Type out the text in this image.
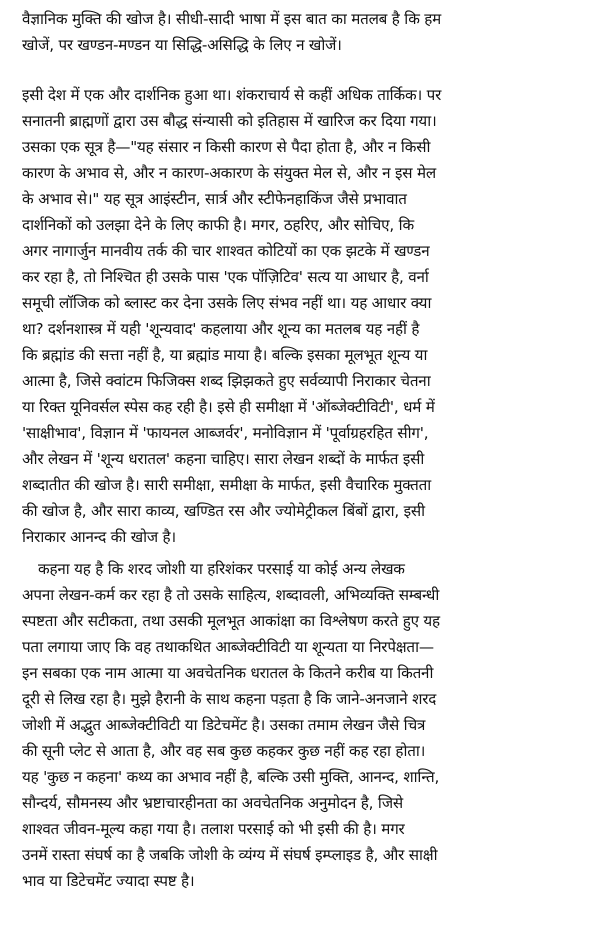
वैज्ञानिक मुक्ति की खोज है। सीधी-सादी भाषा में इस बात का मतलब है कि हम
खोजें, पर खण्डन-मण्डन या सिद्धि-असिद्धि के लिए न खोजें।
इसी देश में एक और दार्शनिक हुआ था। शंकराचार्य से कहीं अधिक तार्किक। पर
सनातनी ब्राह्मणों द्वारा उस बौद्ध संन्यासी को इतिहास में खारिज कर दिया गया।
उसका एक सूत्र है—"यह संसार न किसी कारण से पैदा होता है, और न किसी
कारण के अभाव से, और न कारण-अकारण के संयुक्त मेल से, और न इस मेल
के अभाव से।" यह सूत्र आइंस्टीन, सार्त्र और स्टीफेनहाकिंज जैसे प्रभावात
दार्शनिकों को उलझा देने के लिए काफी है। मगर, ठहरिए, और सोचिए, कि
अगर नागार्जुन मानवीय तर्क की चार शाश्वत कोटियों का एक झटके में खण्डन
कर रहा है, तो निश्चित ही उसके पास 'एक पॉज़िटिव' सत्य या आधार है, वर्ना
समूची लॉजिक को ब्लास्ट कर देना उसके लिए संभव नहीं था। यह आधार क्या
था? दर्शनशास्त्र में यही 'शून्यवाद' कहलाया और शून्य का मतलब यह नहीं है
कि ब्रह्मांड की सत्ता नहीं है, या ब्रह्मांड माया है। बल्कि इसका मूलभूत शून्य या
आत्मा है, जिसे क्वांटम फिजिक्स शब्द झिझकते हुए सर्वव्यापी निराकार चेतना
या रिक्त यूनिवर्सल स्पेस कह रही है। इसे ही समीक्षा में 'ऑब्जेक्टीविटी', धर्म में
'साक्षीभाव', विज्ञान में 'फायनल आब्जर्वर', मनोविज्ञान में 'पूर्वाग्रहरहित सीग',
और लेखन में 'शून्य धरातल' कहना चाहिए। सारा लेखन शब्दों के मार्फत इसी
शब्दातीत की खोज है। सारी समीक्षा, समीक्षा के मार्फत, इसी वैचारिक मुक्तता
की खोज है, और सारा काव्य, खण्डित रस और ज्योमेट्रीकल बिंबों द्वारा, इसी
निराकार आनन्द की खोज है।
कहना यह है कि शरद जोशी या हरिशंकर परसाई या कोई अन्य लेखक
अपना लेखन-कर्म कर रहा है तो उसके साहित्य, शब्दावली, अभिव्यक्ति सम्बन्धी
स्पष्टता और सटीकता, तथा उसकी मूलभूत आकांक्षा का विश्लेषण करते हुए यह
पता लगाया जाए कि वह तथाकथित आब्जेक्टीविटी या शून्यता या निरपेक्षता—
इन सबका एक नाम आत्मा या अवचेतनिक धरातल के कितने करीब या कितनी
दूरी से लिख रहा है। मुझे हैरानी के साथ कहना पड़ता है कि जाने-अनजाने शरद
जोशी में अद्भुत आब्जेक्टीविटी या डिटेचमेंट है। उसका तमाम लेखन जैसे चित्र
की सूनी प्लेट से आता है, और वह सब कुछ कहकर कुछ नहीं कह रहा होता।
यह 'कुछ न कहना' कथ्य का अभाव नहीं है, बल्कि उसी मुक्ति, आनन्द, शान्ति,
सौन्दर्य, सौमनस्य और भ्रष्टाचारहीनता का अवचेतनिक अनुमोदन है, जिसे
शाश्वत जीवन-मूल्य कहा गया है। तलाश परसाई को भी इसी की है। मगर
उनमें रास्ता संघर्ष का है जबकि जोशी के व्यंग्य में संघर्ष इम्प्लाइड है, और साक्षी
भाव या डिटेचमेंट ज्यादा स्पष्ट है।
